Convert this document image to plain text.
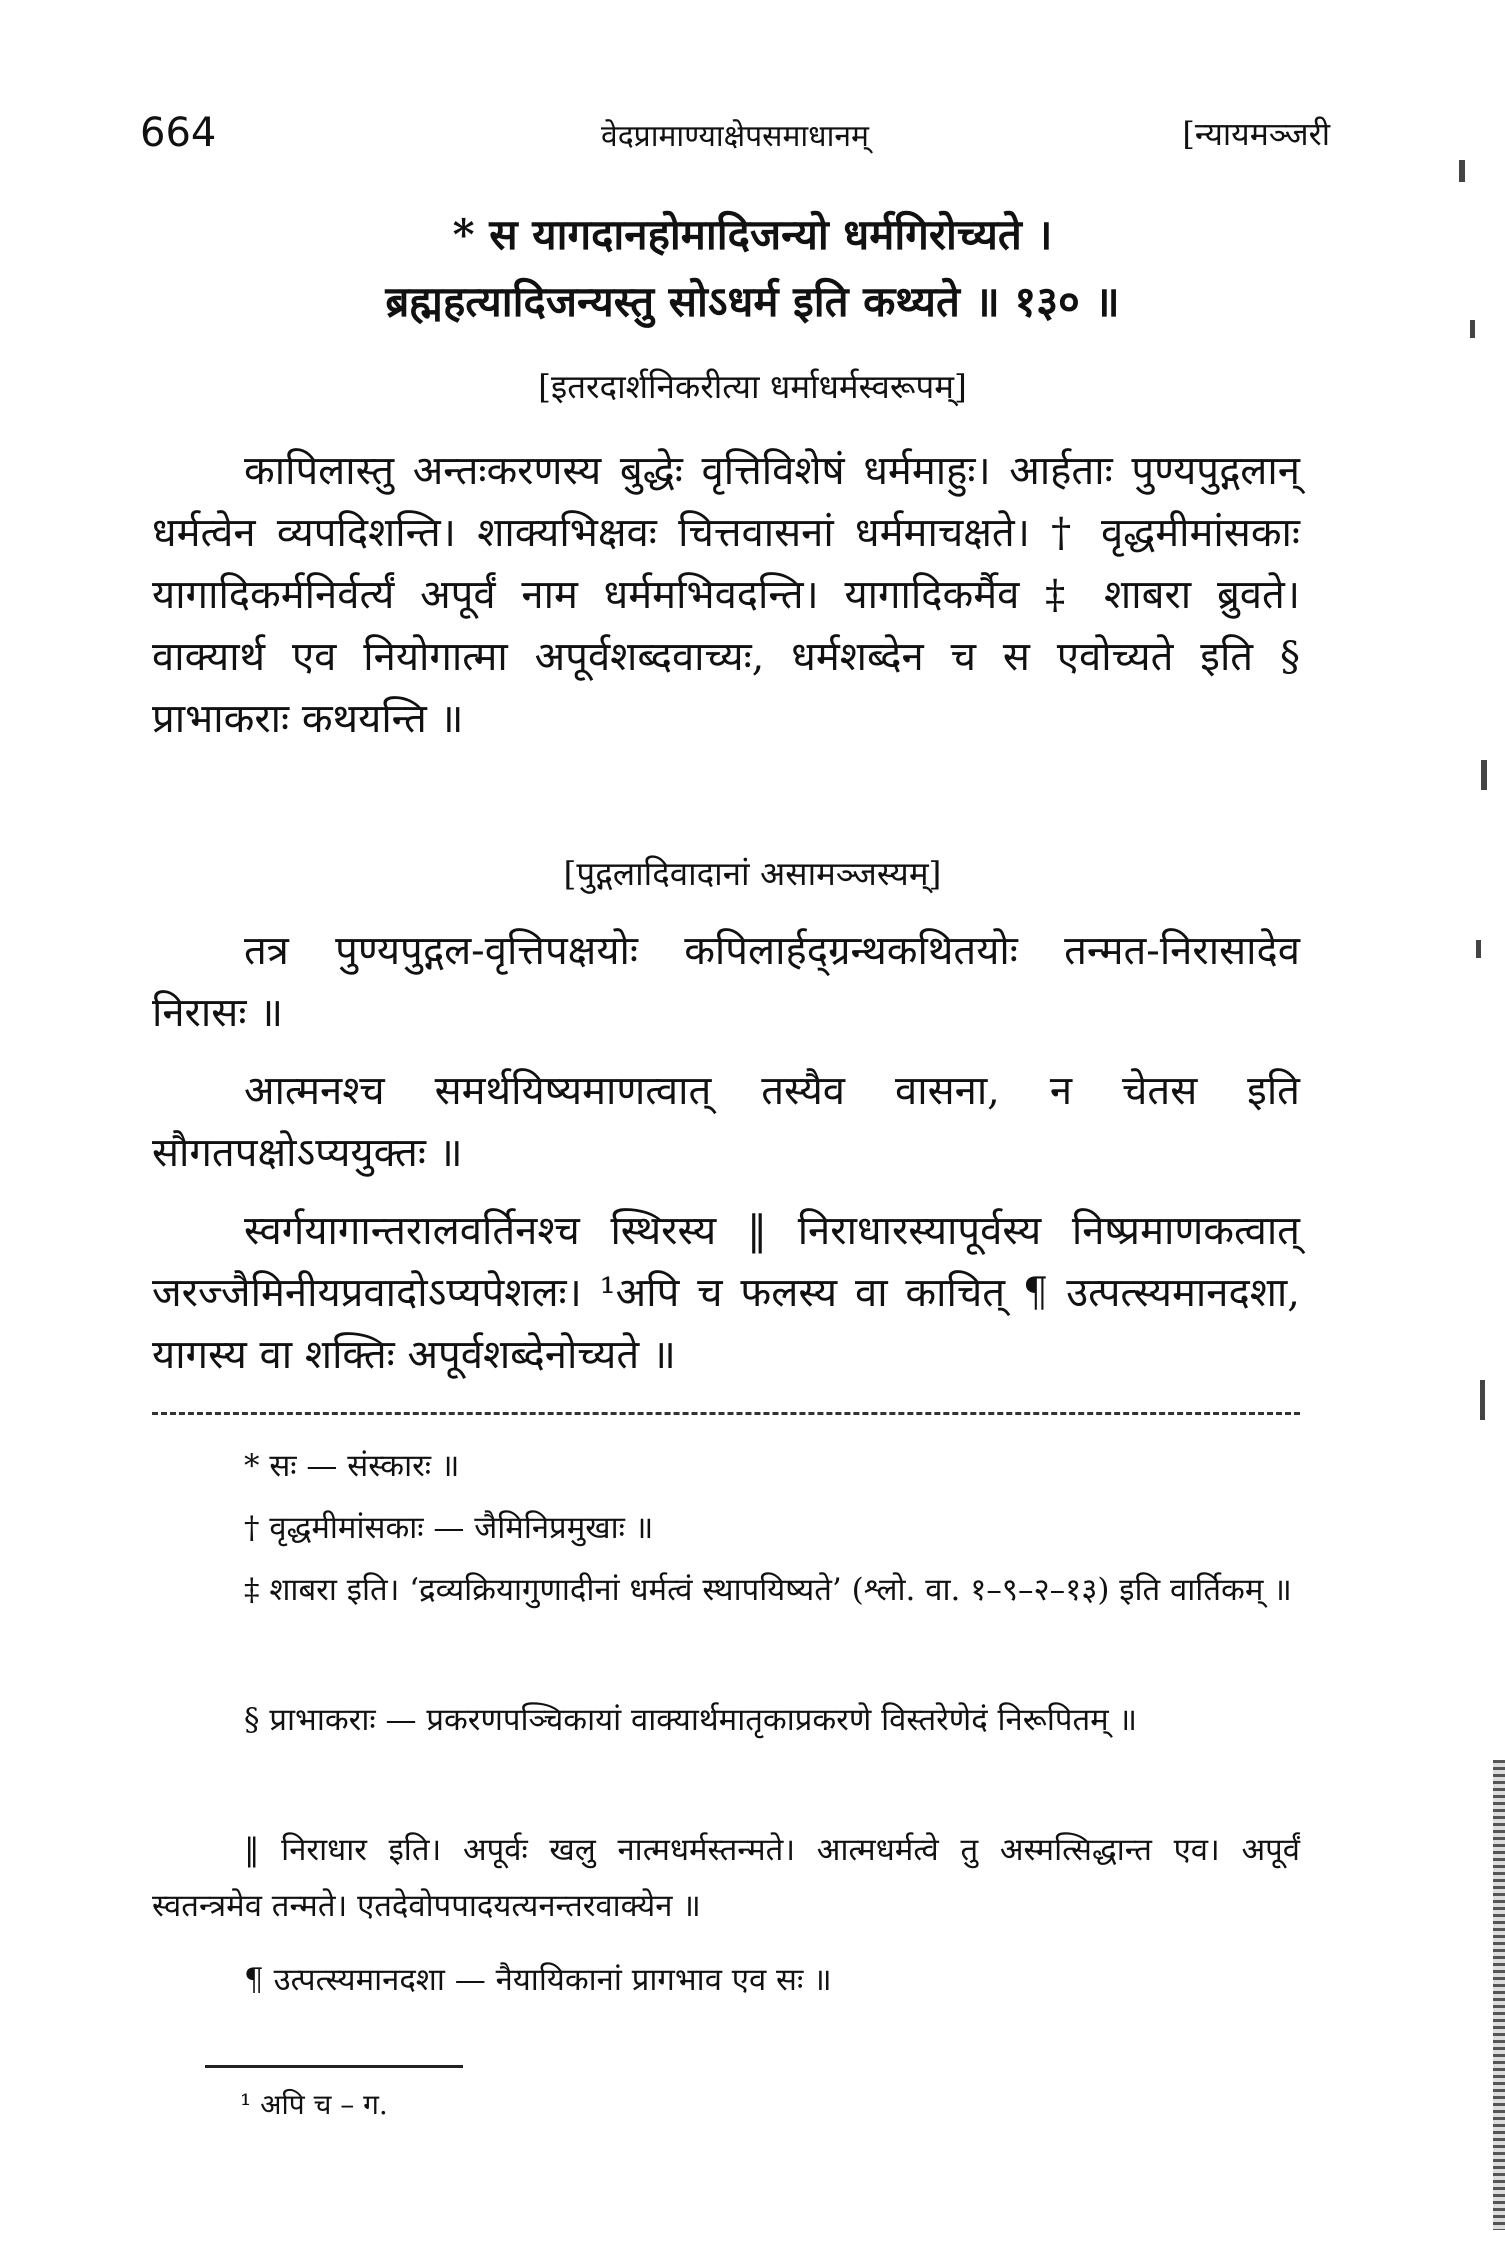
664	वेदप्रामाण्याक्षेपसमाधानम्	[न्यायमञ्जरी
* स यागदानहोमादिजन्यो धर्मगिरोच्यते ।
ब्रह्महत्यादिजन्यस्तु सोऽधर्म इति कथ्यते ॥ १३० ॥
[इतरदार्शनिकरीत्या धर्माधर्मस्वरूपम्]

कापिलास्तु अन्तःकरणस्य बुद्धेः वृत्तिविशेषं धर्ममाहुः। आर्हताः पुण्यपुद्गलान् धर्मत्वेन व्यपदिशन्ति। शाक्यभिक्षवः चित्तवासनां धर्ममाचक्षते। † वृद्धमीमांसकाः यागादिकर्मनिर्वर्त्यं अपूर्वं नाम धर्ममभिवदन्ति। यागादिकर्मैव ‡ शाबरा ब्रुवते। वाक्यार्थ एव नियोगात्मा अपूर्वशब्दवाच्यः, धर्मशब्देन च स एवोच्यते इति § प्राभाकराः कथयन्ति ॥

[पुद्गलादिवादानां असामञ्जस्यम्]

तत्र पुण्यपुद्गल-वृत्तिपक्षयोः कपिलार्हद्ग्रन्थकथितयोः तन्मत-निरासादेव निरासः ॥

आत्मनश्च समर्थयिष्यमाणत्वात् तस्यैव वासना, न चेतस इति सौगतपक्षोऽप्ययुक्तः ॥

स्वर्गयागान्तरालवर्तिनश्च स्थिरस्य ‖ निराधारस्यापूर्वस्य निष्प्रमाणकत्वात् जरज्जैमिनीयप्रवादोऽप्यपेशलः। ¹अपि च फलस्य वा काचित् ¶ उत्पत्स्यमानदशा, यागस्य वा शक्तिः अपूर्वशब्देनोच्यते ॥

* सः — संस्कारः ॥

† वृद्धमीमांसकाः — जैमिनिप्रमुखाः ॥

‡ शाबरा इति। ‘द्रव्यक्रियागुणादीनां धर्मत्वं स्थापयिष्यते’ (श्लो. वा. १–९–२–१३) इति वार्तिकम् ॥

§ प्राभाकराः — प्रकरणपञ्चिकायां वाक्यार्थमातृकाप्रकरणे विस्तरेणेदं निरूपितम् ॥

‖ निराधार इति। अपूर्वः खलु नात्मधर्मस्तन्मते। आत्मधर्मत्वे तु अस्मत्सिद्धान्त एव। अपूर्वं स्वतन्त्रमेव तन्मते। एतदेवोपपादयत्यनन्तरवाक्येन ॥

¶ उत्पत्स्यमानदशा — नैयायिकानां प्रागभाव एव सः ॥

¹ अपि च – ग.
